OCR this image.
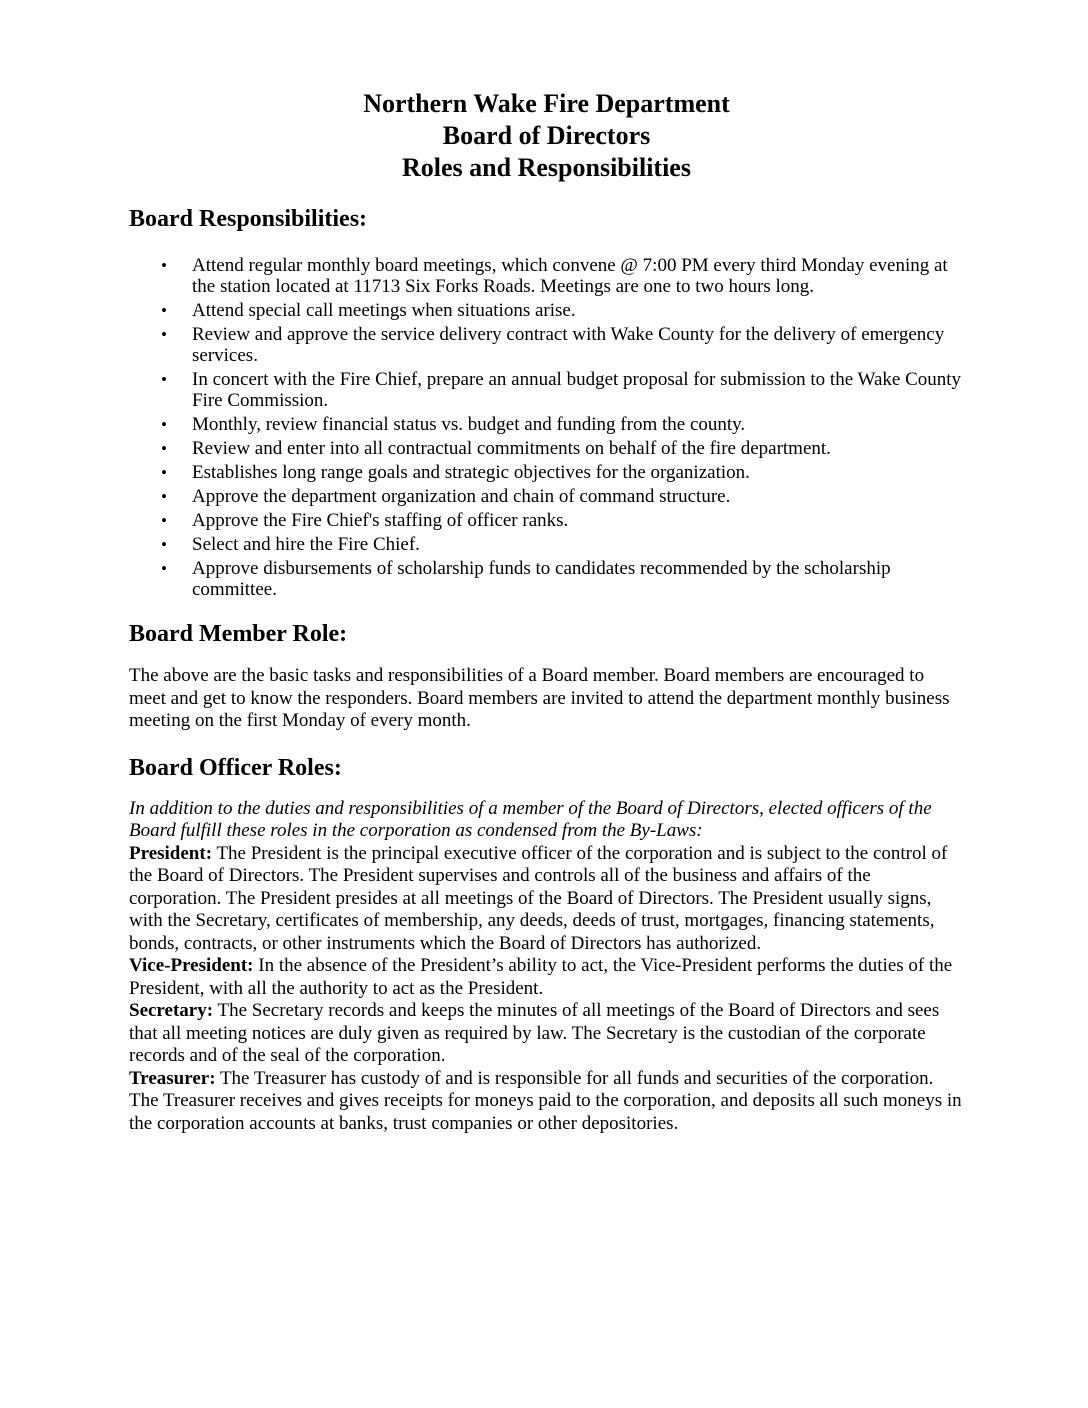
Northern Wake Fire Department
Board of Directors
Roles and Responsibilities
Board Responsibilities:
• Attend regular monthly board meetings, which convene @ 7:00 PM every third Monday evening at the station located at 11713 Six Forks Roads. Meetings are one to two hours long.
• Attend special call meetings when situations arise.
• Review and approve the service delivery contract with Wake County for the delivery of emergency services.
• In concert with the Fire Chief, prepare an annual budget proposal for submission to the Wake County Fire Commission.
• Monthly, review financial status vs. budget and funding from the county.
• Review and enter into all contractual commitments on behalf of the fire department.
• Establishes long range goals and strategic objectives for the organization.
• Approve the department organization and chain of command structure.
• Approve the Fire Chief's staffing of officer ranks.
• Select and hire the Fire Chief.
• Approve disbursements of scholarship funds to candidates recommended by the scholarship committee.
Board Member Role:

The above are the basic tasks and responsibilities of a Board member. Board members are encouraged to meet and get to know the responders. Board members are invited to attend the department monthly business meeting on the first Monday of every month.

Board Officer Roles:

In addition to the duties and responsibilities of a member of the Board of Directors, elected officers of the Board fulfill these roles in the corporation as condensed from the By-Laws:

President: The President is the principal executive officer of the corporation and is subject to the control of the Board of Directors. The President supervises and controls all of the business and affairs of the corporation. The President presides at all meetings of the Board of Directors. The President usually signs, with the Secretary, certificates of membership, any deeds, deeds of trust, mortgages, financing statements, bonds, contracts, or other instruments which the Board of Directors has authorized.

Vice-President: In the absence of the President’s ability to act, the Vice-President performs the duties of the President, with all the authority to act as the President.

Secretary: The Secretary records and keeps the minutes of all meetings of the Board of Directors and sees that all meeting notices are duly given as required by law. The Secretary is the custodian of the corporate records and of the seal of the corporation.

Treasurer: The Treasurer has custody of and is responsible for all funds and securities of the corporation. The Treasurer receives and gives receipts for moneys paid to the corporation, and deposits all such moneys in the corporation accounts at banks, trust companies or other depositories.
